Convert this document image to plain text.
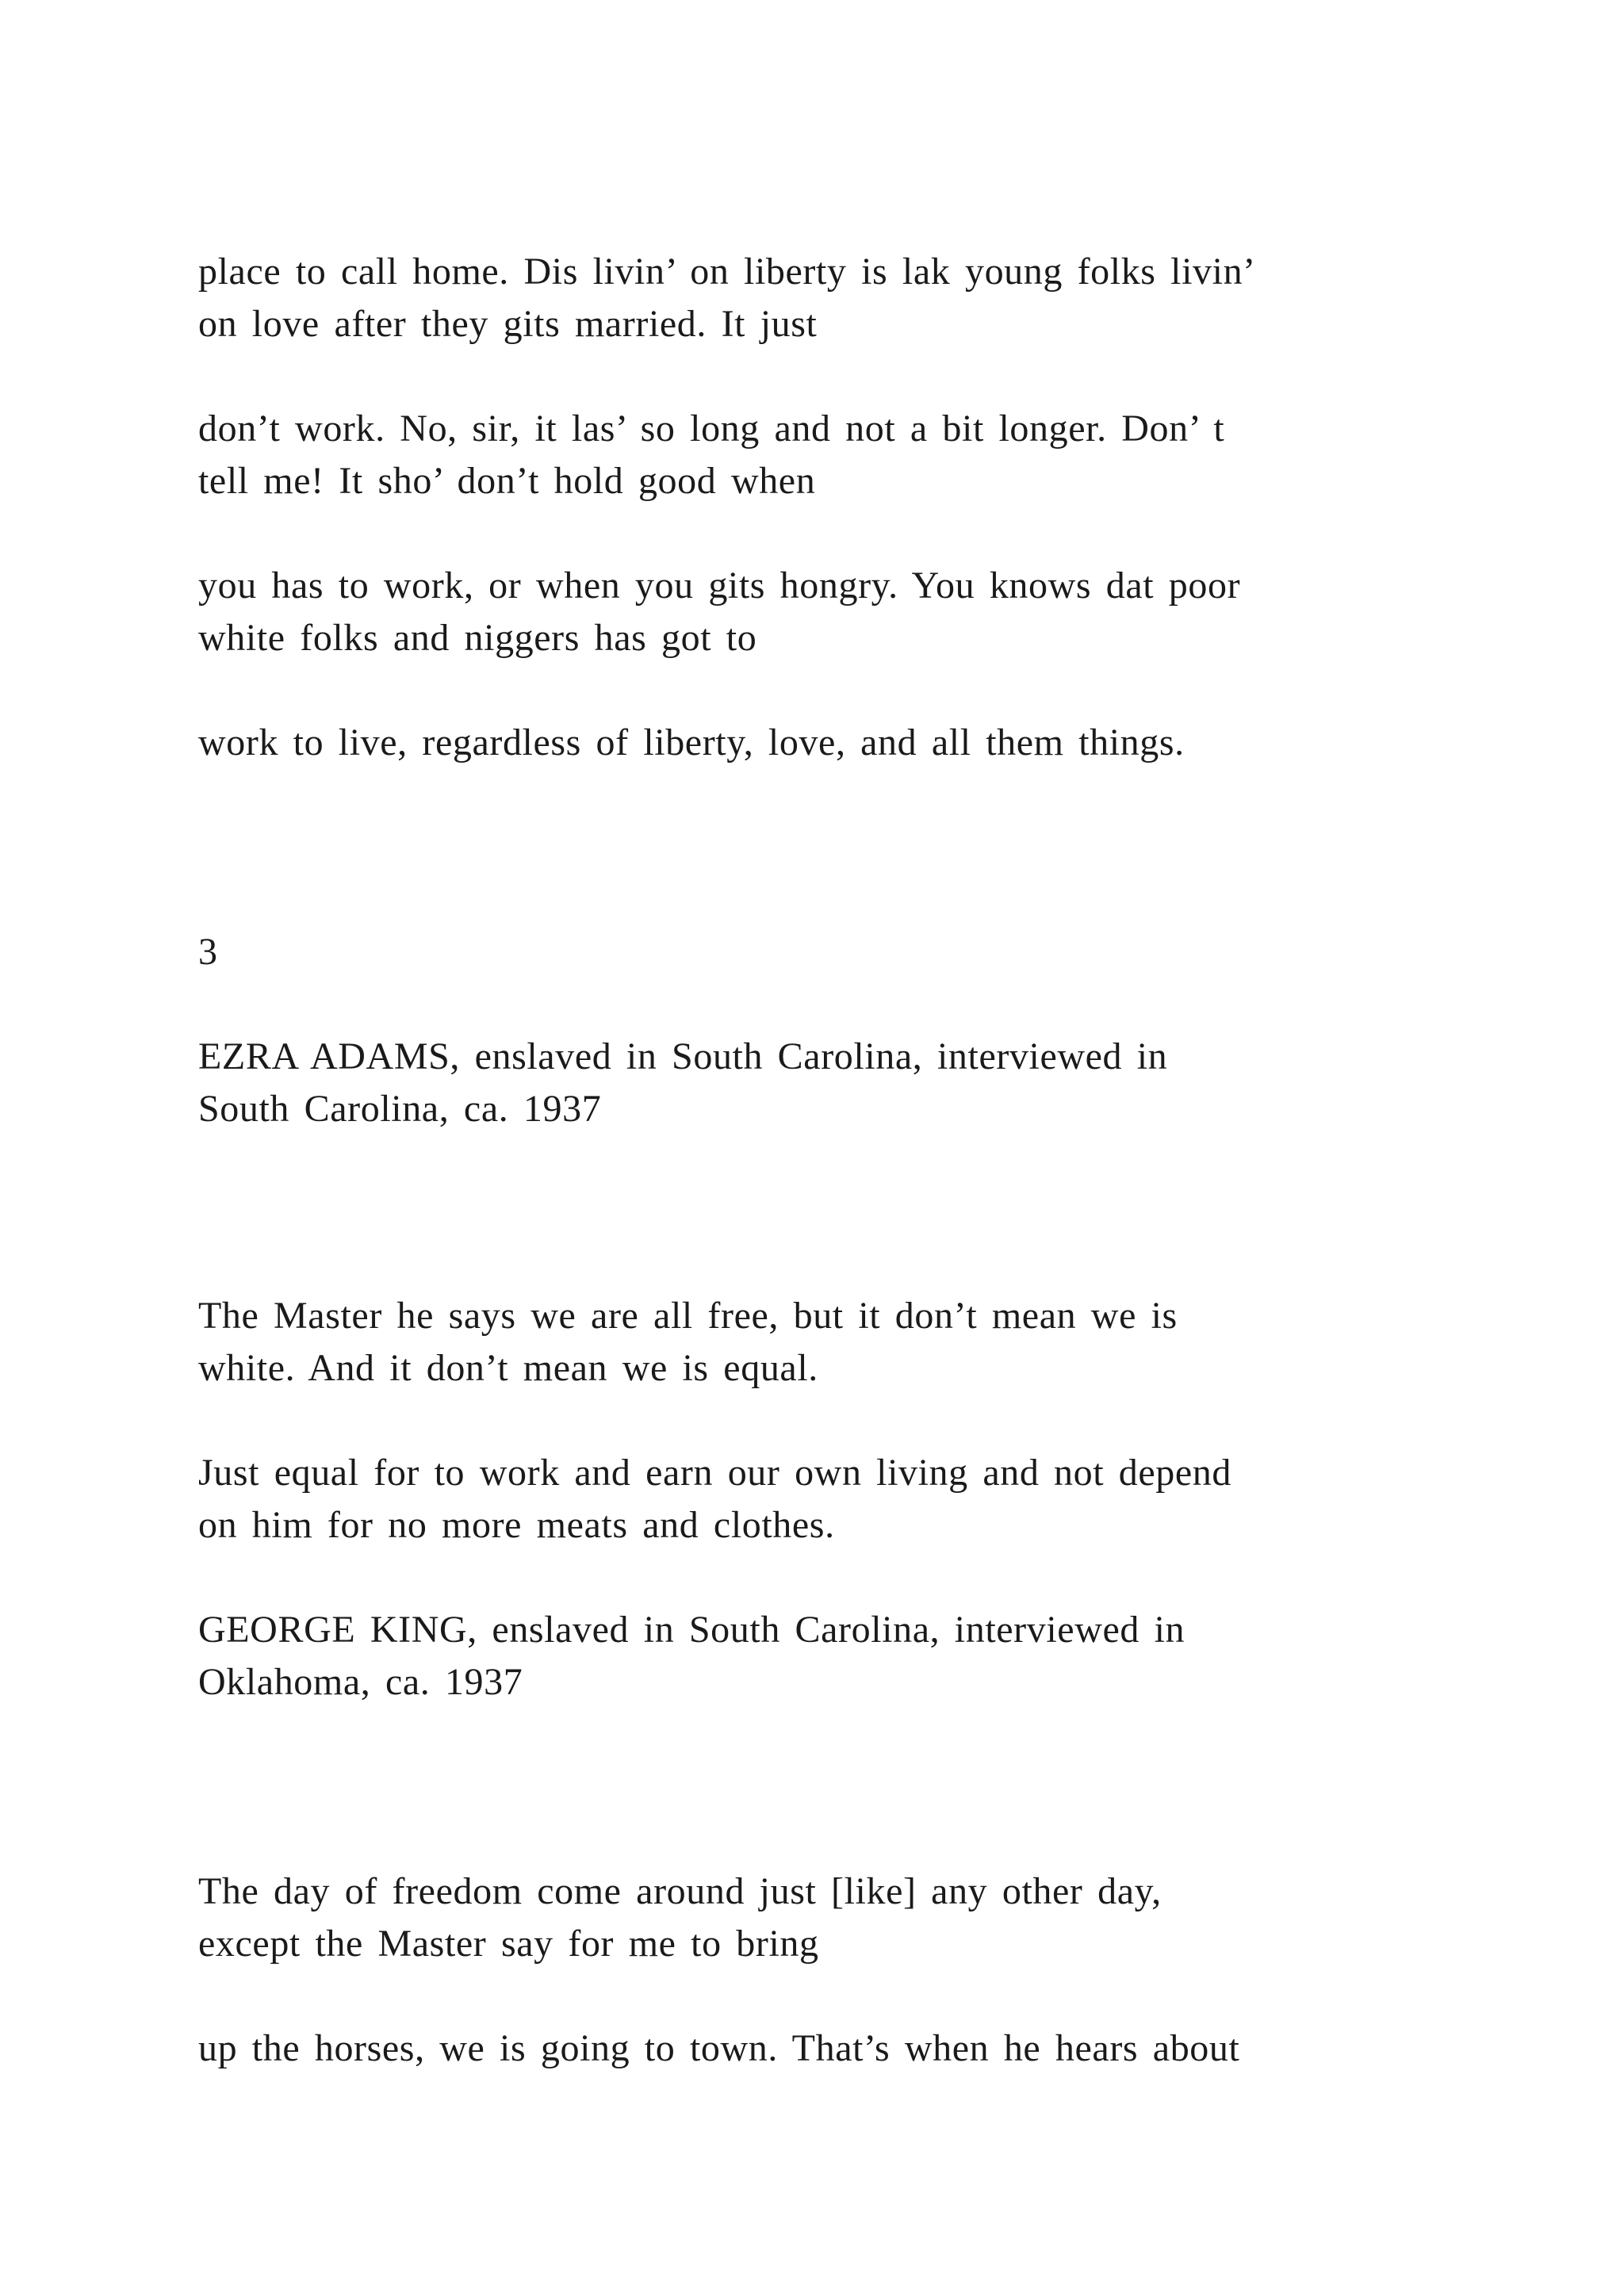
place to call home. Dis livin’ on liberty is lak young folks livin’
on love after they gits married. It just
don’t work. No, sir, it las’ so long and not a bit longer. Don’ t
tell me! It sho’ don’t hold good when
you has to work, or when you gits hongry. You knows dat poor
white folks and niggers has got to
work to live, regardless of liberty, love, and all them things.
3
EZRA ADAMS, enslaved in South Carolina, interviewed in
South Carolina, ca. 1937
The Master he says we are all free, but it don’t mean we is
white. And it don’t mean we is equal.
Just equal for to work and earn our own living and not depend
on him for no more meats and clothes.
GEORGE KING, enslaved in South Carolina, interviewed in
Oklahoma, ca. 1937
The day of freedom come around just [like] any other day,
except the Master say for me to bring
up the horses, we is going to town. That’s when he hears about
